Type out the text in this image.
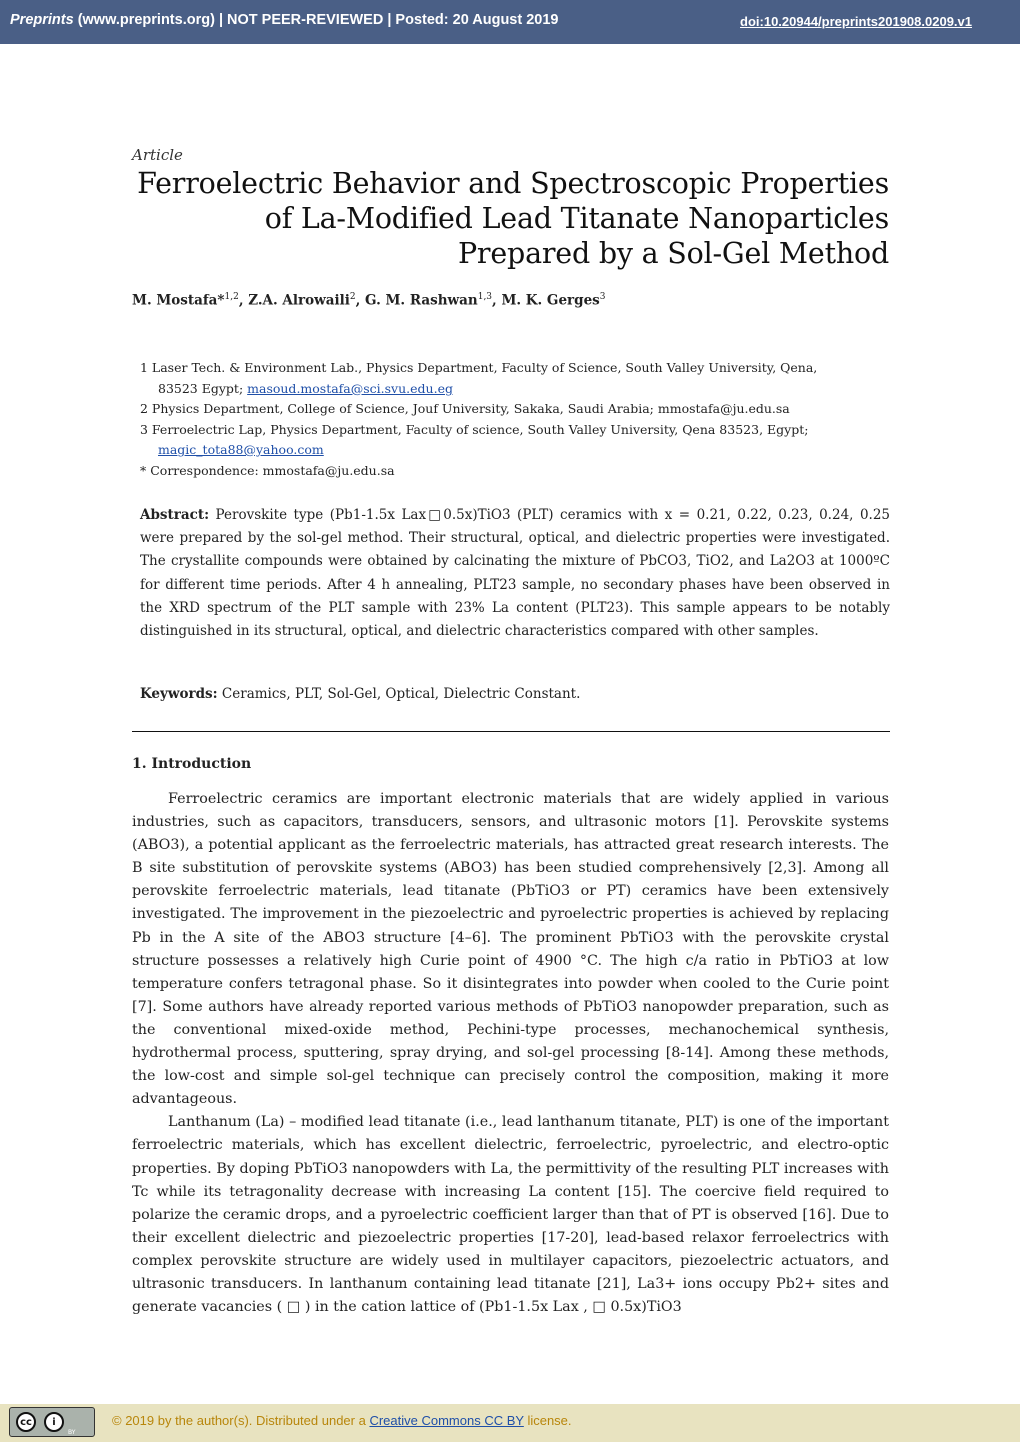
Preprints (www.preprints.org) | NOT PEER-REVIEWED | Posted: 20 August 2019	doi:10.20944/preprints201908.0209.v1
Article
Ferroelectric Behavior and Spectroscopic Properties of La-Modified Lead Titanate Nanoparticles Prepared by a Sol-Gel Method
M. Mostafa*$^{1,2}$, Z.A. Alrowaili$^2$, G. M. Rashwan$^{1,3}$, M. K. Gerges$^3$
1 Laser Tech. & Environment Lab., Physics Department, Faculty of Science, South Valley University, Qena,
83523 Egypt; masoud.mostafa@sci.svu.edu.eg
2 Physics Department, College of Science, Jouf University, Sakaka, Saudi Arabia; mmostafa@ju.edu.sa
3 Ferroelectric Lap, Physics Department, Faculty of science, South Valley University, Qena 83523, Egypt;
magic_tota88@yahoo.com
* Correspondence: mmostafa@ju.edu.sa
Abstract: Perovskite type (Pb1-1.5x Lax□0.5x)TiO3 (PLT) ceramics with x = 0.21, 0.22, 0.23, 0.24, 0.25 were prepared by the sol-gel method. Their structural, optical, and dielectric properties were investigated. The crystallite compounds were obtained by calcinating the mixture of PbCO3, TiO2, and La2O3 at 1000ºC for different time periods. After 4 h annealing, PLT23 sample, no secondary phases have been observed in the XRD spectrum of the PLT sample with 23% La content (PLT23). This sample appears to be notably distinguished in its structural, optical, and dielectric characteristics compared with other samples.
Keywords: Ceramics, PLT, Sol-Gel, Optical, Dielectric Constant.
1. Introduction

Ferroelectric ceramics are important electronic materials that are widely applied in various industries, such as capacitors, transducers, sensors, and ultrasonic motors [1]. Perovskite systems (ABO3), a potential applicant as the ferroelectric materials, has attracted great research interests. The B site substitution of perovskite systems (ABO3) has been studied comprehensively [2,3]. Among all perovskite ferroelectric materials, lead titanate (PbTiO3 or PT) ceramics have been extensively investigated. The improvement in the piezoelectric and pyroelectric properties is achieved by replacing Pb in the A site of the ABO3 structure [4–6]. The prominent PbTiO3 with the perovskite crystal structure possesses a relatively high Curie point of 4900 °C. The high c/a ratio in PbTiO3 at low temperature confers tetragonal phase. So it disintegrates into powder when cooled to the Curie point [7]. Some authors have already reported various methods of PbTiO3 nanopowder preparation, such as the conventional mixed-oxide method, Pechini-type processes, mechanochemical synthesis, hydrothermal process, sputtering, spray drying, and sol-gel processing [8-14]. Among these methods, the low-cost and simple sol-gel technique can precisely control the composition, making it more advantageous.

Lanthanum (La) – modified lead titanate (i.e., lead lanthanum titanate, PLT) is one of the important ferroelectric materials, which has excellent dielectric, ferroelectric, pyroelectric, and electro-optic properties. By doping PbTiO3 nanopowders with La, the permittivity of the resulting PLT increases with Tc while its tetragonality decrease with increasing La content [15]. The coercive field required to polarize the ceramic drops, and a pyroelectric coefficient larger than that of PT is observed [16]. Due to their excellent dielectric and piezoelectric properties [17-20], lead-based relaxor ferroelectrics with complex perovskite structure are widely used in multilayer capacitors, piezoelectric actuators, and ultrasonic transducers. In lanthanum containing lead titanate [21], La3+ ions occupy Pb2+ sites and generate vacancies ( □ ) in the cation lattice of (Pb1-1.5x Lax , □ 0.5x)TiO3

cc	i
BY
© 2019 by the author(s). Distributed under a Creative Commons CC BY license.
